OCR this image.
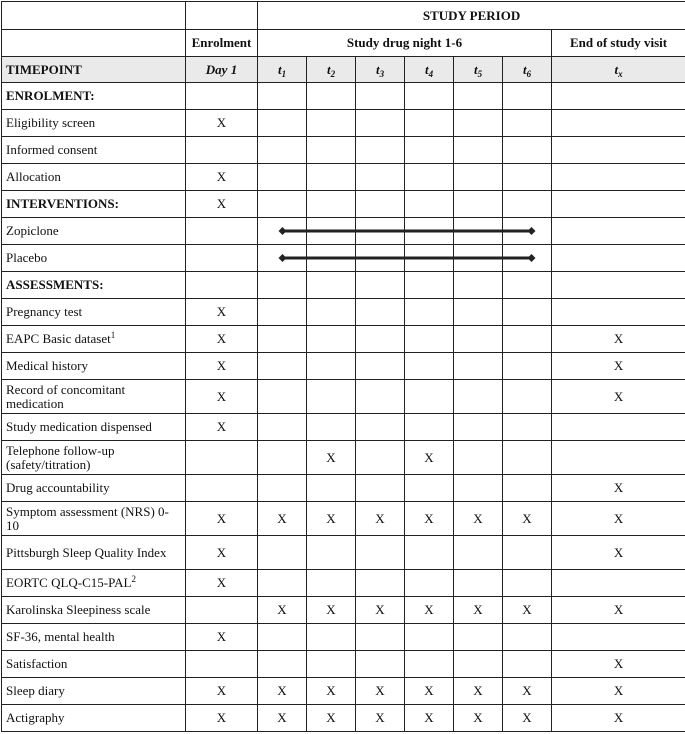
		STUDY PERIOD						
	Enrolment	Study drug night 1-6						End of study visit
TIMEPOINT	Day 1	$t_1$	$t_2$	$t_3$	$t_4$	$t_5$	$t_6$	$t_x$
ENROLMENT:								
Eligibility screen	X							
Informed consent								
Allocation	X							
INTERVENTIONS:	X							
Zopiclone								
Placebo								
ASSESSMENTS:								
Pregnancy test	X							
EAPC Basic dataset$^1$	X							X
Medical history	X							X
Record of concomitant medication	X							X
Study medication dispensed	X							
Telephone follow-up (safety/titration)			X		X			
Drug accountability								X
Symptom assessment (NRS) 0-10	X	X	X	X	X	X	X	X
Pittsburgh Sleep Quality Index	X							X
EORTC QLQ-C15-PAL$^2$	X							
Karolinska Sleepiness scale		X	X	X	X	X	X	X
SF-36, mental health	X							
Satisfaction								X
Sleep diary	X	X	X	X	X	X	X	X
Actigraphy	X	X	X	X	X	X	X	X
